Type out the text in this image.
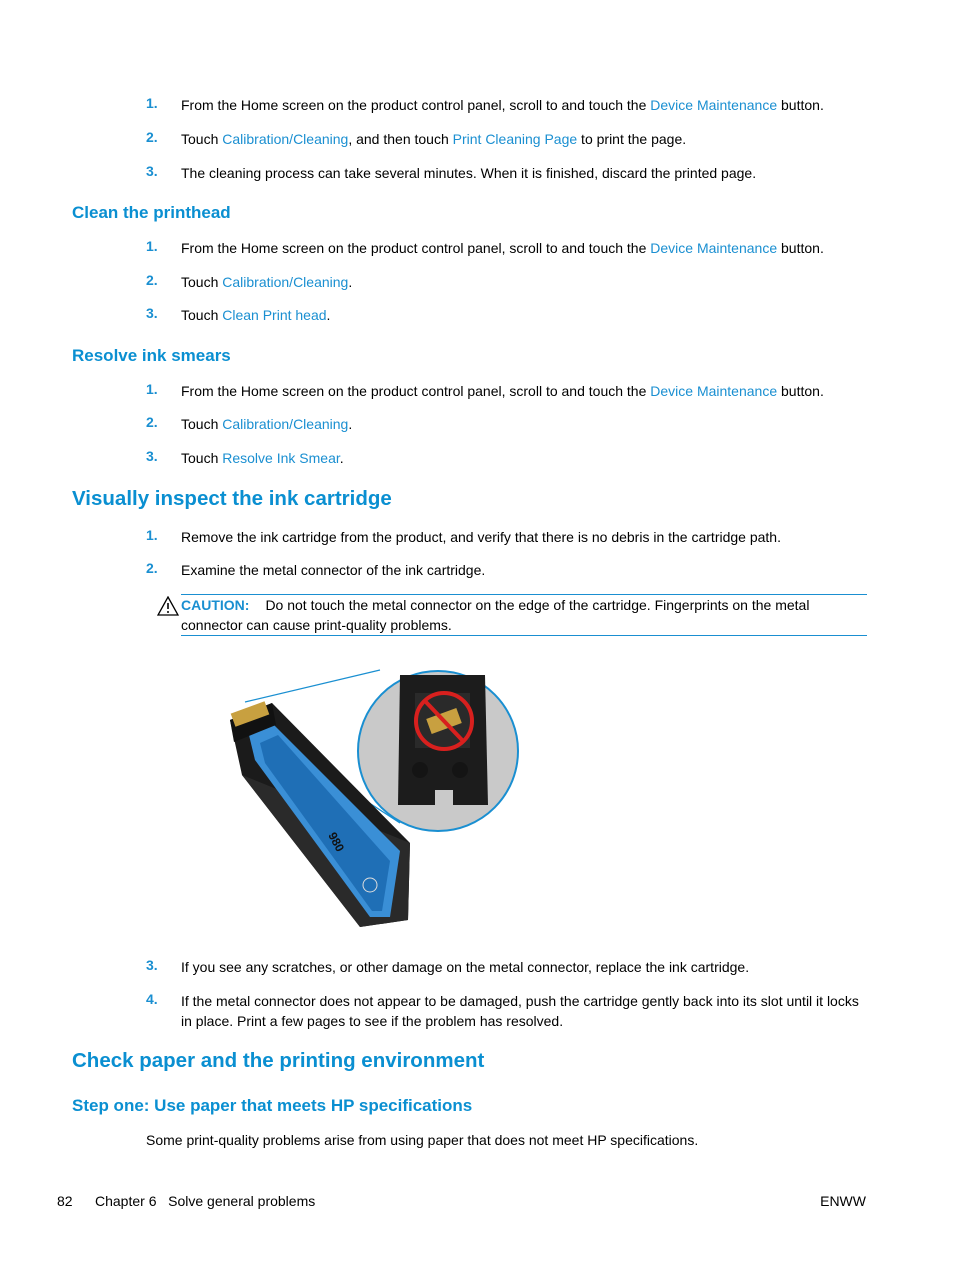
1. From the Home screen on the product control panel, scroll to and touch the Device Maintenance button.
2. Touch Calibration/Cleaning, and then touch Print Cleaning Page to print the page.
3. The cleaning process can take several minutes. When it is finished, discard the printed page.
Clean the printhead
1. From the Home screen on the product control panel, scroll to and touch the Device Maintenance button.
2. Touch Calibration/Cleaning.
3. Touch Clean Print head.
Resolve ink smears
1. From the Home screen on the product control panel, scroll to and touch the Device Maintenance button.
2. Touch Calibration/Cleaning.
3. Touch Resolve Ink Smear.
Visually inspect the ink cartridge
1. Remove the ink cartridge from the product, and verify that there is no debris in the cartridge path.
2. Examine the metal connector of the ink cartridge.
CAUTION: Do not touch the metal connector on the edge of the cartridge. Fingerprints on the metal connector can cause print-quality problems.
980
3. If you see any scratches, or other damage on the metal connector, replace the ink cartridge.
4. If the metal connector does not appear to be damaged, push the cartridge gently back into its slot until it locks in place. Print a few pages to see if the problem has resolved.
Check paper and the printing environment
Step one: Use paper that meets HP specifications
Some print-quality problems arise from using paper that does not meet HP specifications.
82 Chapter 6   Solve general problems	ENWW
